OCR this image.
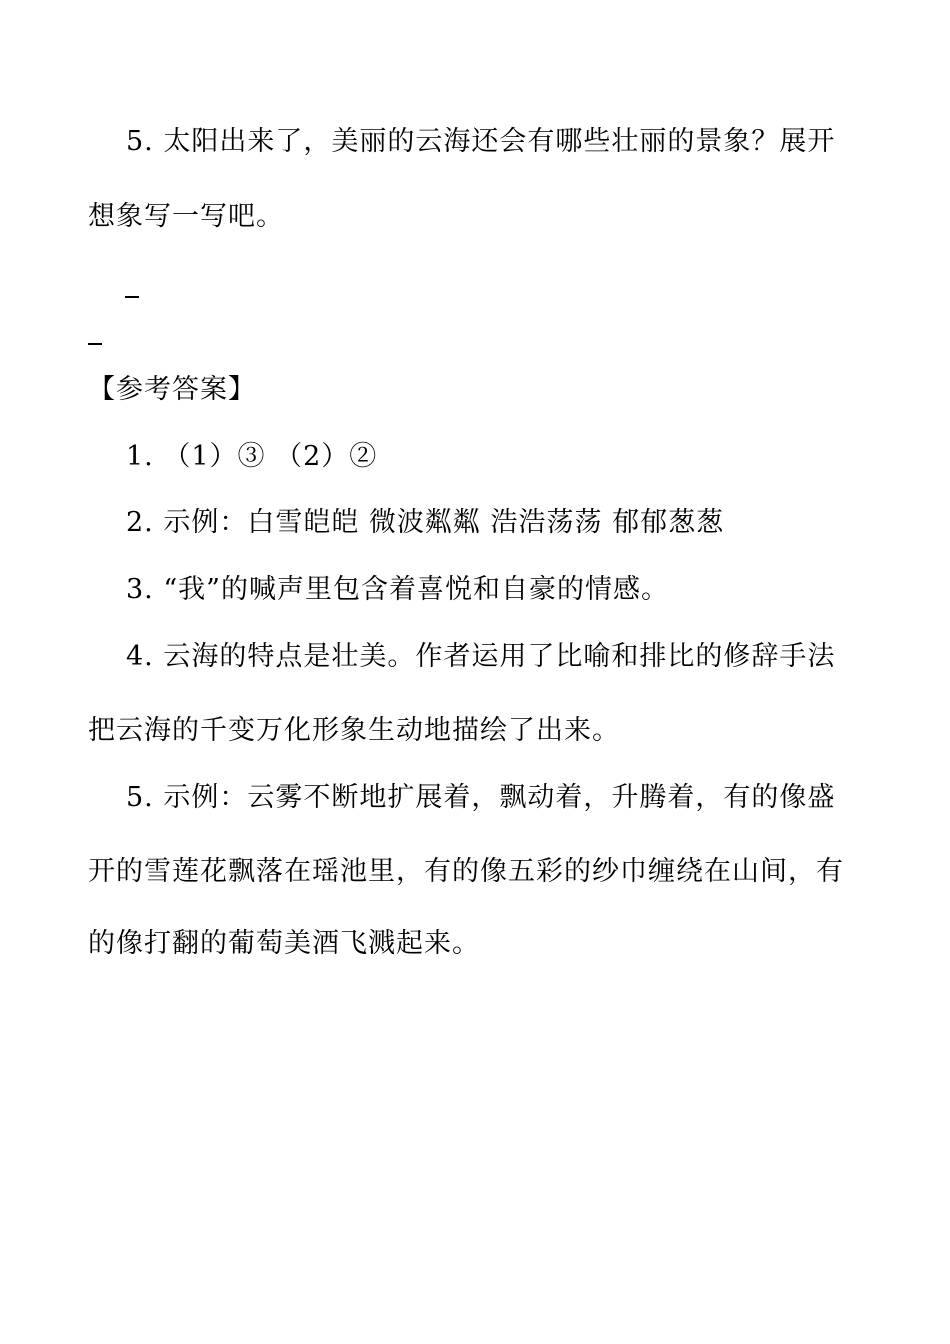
5. 太阳出来了，美丽的云海还会有哪些壮丽的景象？展开
想象写一写吧。
【参考答案】
1. （1）③ （2）②
2. 示例：白雪皑皑 微波粼粼 浩浩荡荡 郁郁葱葱
3. “我”的喊声里包含着喜悦和自豪的情感。
4. 云海的特点是壮美。作者运用了比喻和排比的修辞手法
把云海的千变万化形象生动地描绘了出来。
5. 示例：云雾不断地扩展着，飘动着，升腾着，有的像盛
开的雪莲花飘落在瑶池里，有的像五彩的纱巾缠绕在山间，有
的像打翻的葡萄美酒飞溅起来。
